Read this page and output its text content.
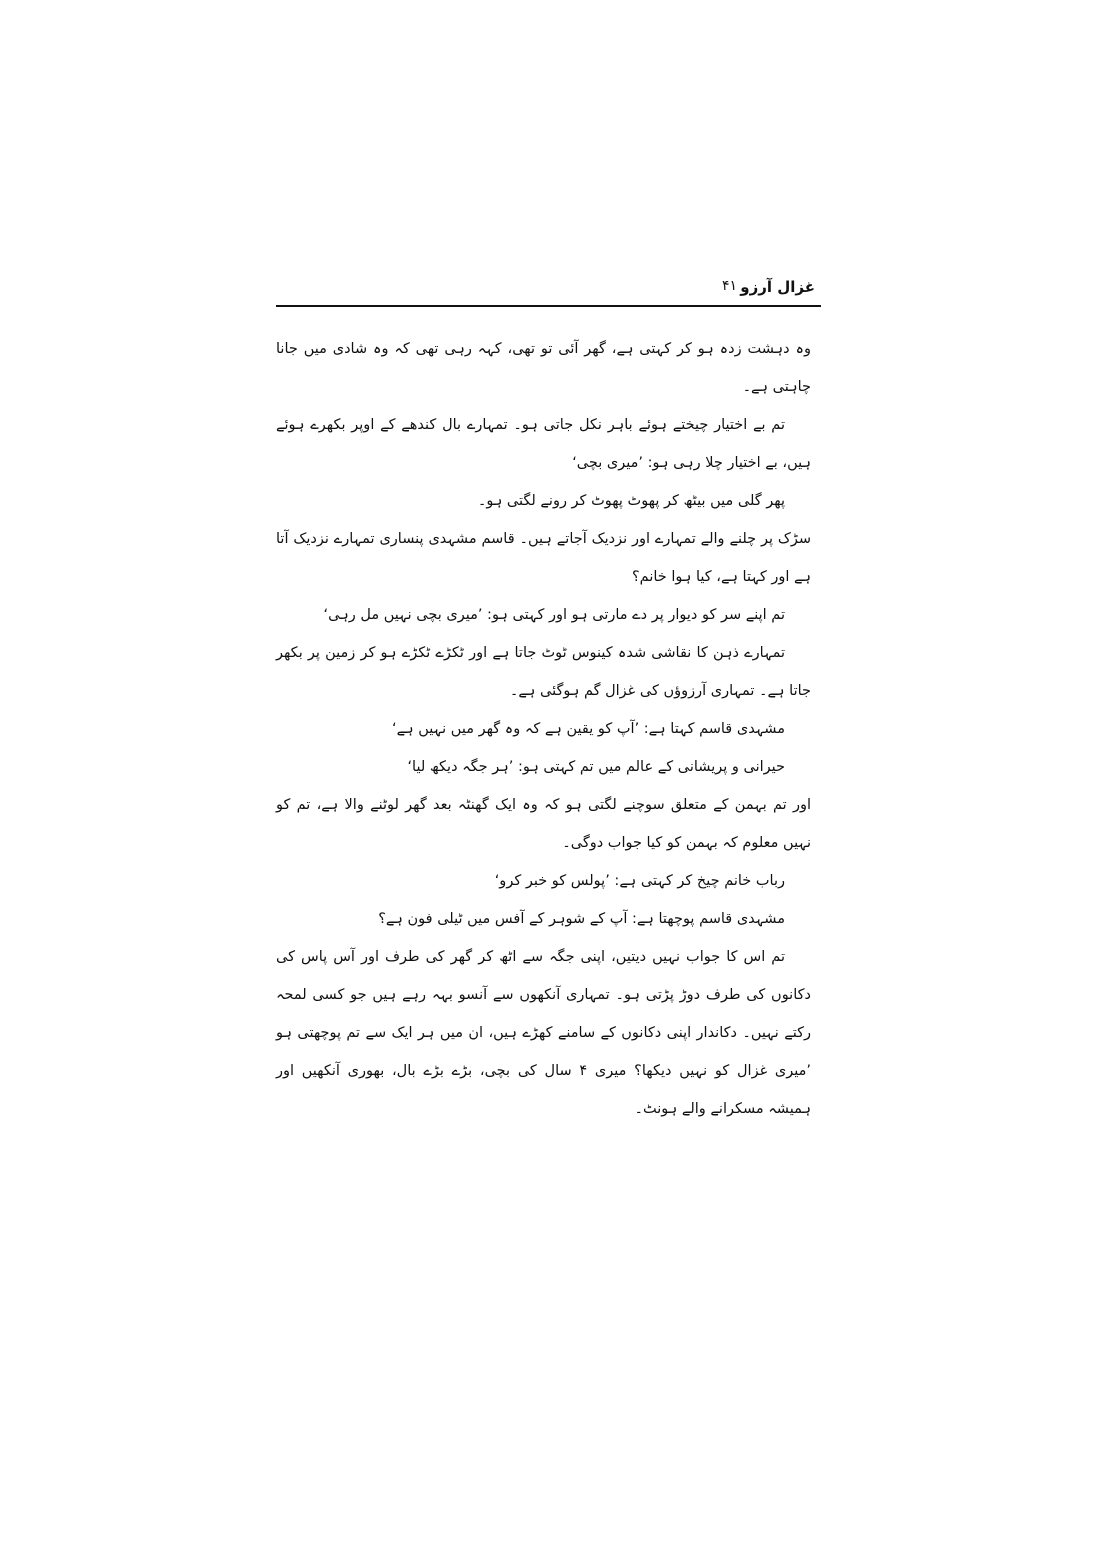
غزال آرزو
۴۱

وہ دہشت زدہ ہو کر کہتی ہے، گھر آئی تو تھی، کہہ رہی تھی کہ وہ شادی میں جانا چاہتی ہے۔

تم بے اختیار چیختے ہوئے باہر نکل جاتی ہو۔ تمہارے بال کندھے کے اوپر بکھرے ہوئے ہیں، بے اختیار چلا رہی ہو: ’میری بچی‘

پھر گلی میں بیٹھ کر پھوٹ پھوٹ کر رونے لگتی ہو۔

سڑک پر چلنے والے تمہارے اور نزدیک آجاتے ہیں۔ قاسم مشہدی پنساری تمہارے نزدیک آتا ہے اور کہتا ہے، کیا ہوا خانم؟

تم اپنے سر کو دیوار پر دے مارتی ہو اور کہتی ہو: ’میری بچی نہیں مل رہی‘

تمہارے ذہن کا نقاشی شدہ کینوس ٹوٹ جاتا ہے اور ٹکڑے ٹکڑے ہو کر زمین پر بکھر جاتا ہے۔ تمہاری آرزوؤں کی غزال گم ہوگئی ہے۔

مشہدی قاسم کہتا ہے: ’آپ کو یقین ہے کہ وہ گھر میں نہیں ہے‘

حیرانی و پریشانی کے عالم میں تم کہتی ہو: ’ہر جگہ دیکھ لیا‘

اور تم بہمن کے متعلق سوچنے لگتی ہو کہ وہ ایک گھنٹہ بعد گھر لوٹنے والا ہے، تم کو نہیں معلوم کہ بہمن کو کیا جواب دوگی۔

رباب خانم چیخ کر کہتی ہے: ’پولس کو خبر کرو‘

مشہدی قاسم پوچھتا ہے: آپ کے شوہر کے آفس میں ٹیلی فون ہے؟

تم اس کا جواب نہیں دیتیں، اپنی جگہ سے اٹھ کر گھر کی طرف اور آس پاس کی دکانوں کی طرف دوڑ پڑتی ہو۔ تمہاری آنکھوں سے آنسو بہہ رہے ہیں جو کسی لمحہ رکتے نہیں۔ دکاندار اپنی دکانوں کے سامنے کھڑے ہیں، ان میں ہر ایک سے تم پوچھتی ہو ’میری غزال کو نہیں دیکھا؟ میری ۴ سال کی بچی، بڑے بڑے بال، بھوری آنکھیں اور ہمیشہ مسکرانے والے ہونٹ۔
